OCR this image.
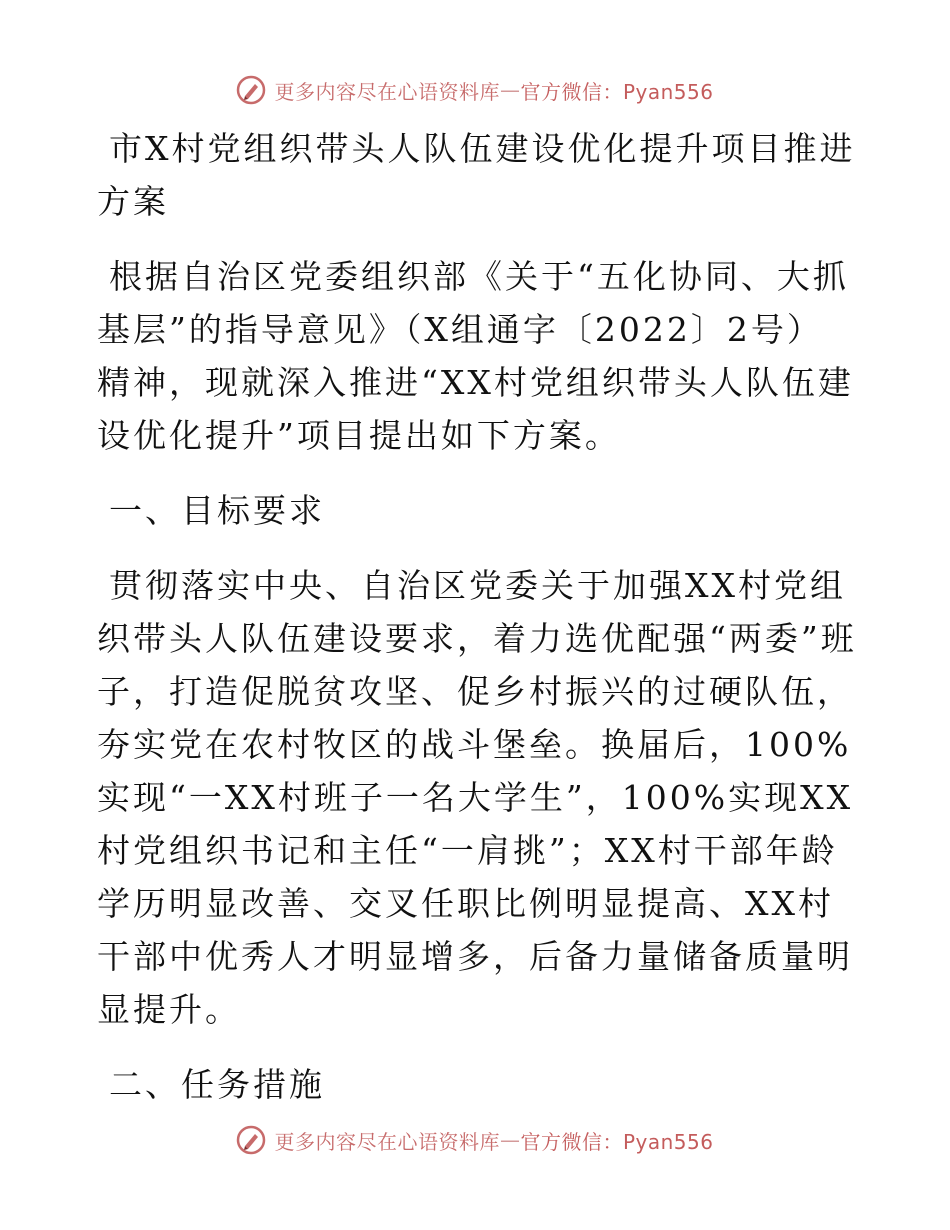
更多内容尽在心语资料库 — 官方微信：Pyan556

市X村党组织带头人队伍建设优化提升项目推进方案

根据自治区党委组织部《关于“五化协同、大抓基层”的指导意见》（X组通字〔2022〕2号）精神，现就深入推进“XX村党组织带头人队伍建设优化提升”项目提出如下方案。

一、目标要求

贯彻落实中央、自治区党委关于加强XX村党组织带头人队伍建设要求，着力选优配强“两委”班子，打造促脱贫攻坚、促乡村振兴的过硬队伍，夯实党在农村牧区的战斗堡垒。换届后，100%实现“一XX村班子一名大学生”，100%实现XX村党组织书记和主任“一肩挑”；XX村干部年龄学历明显改善、交叉任职比例明显提高、XX村干部中优秀人才明显增多，后备力量储备质量明显提升。

二、任务措施

更多内容尽在心语资料库 — 官方微信：Pyan556
